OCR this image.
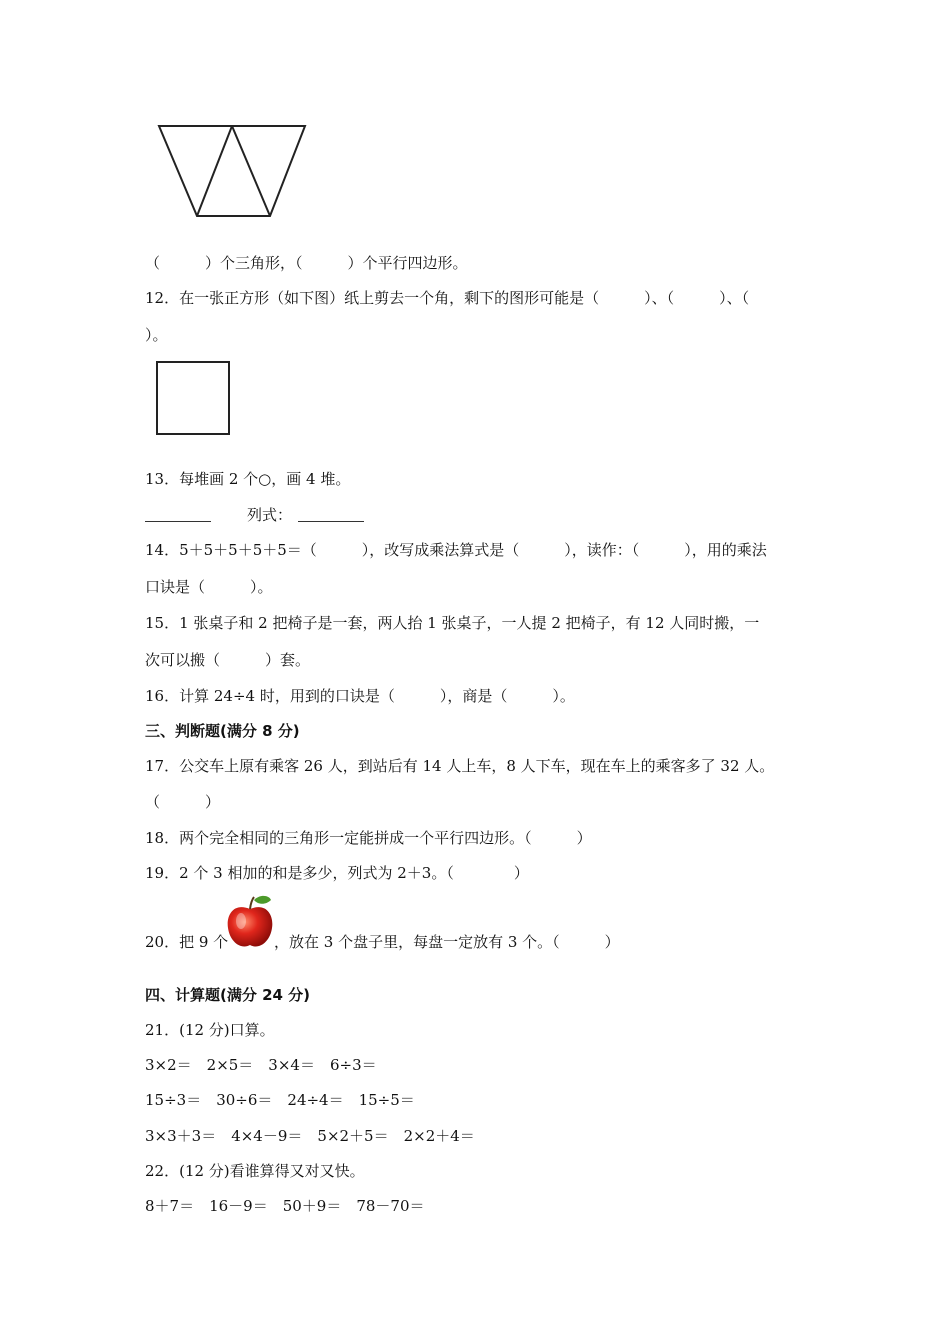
（　　　）个三角形，（　　　）个平行四边形。
12．在一张正方形（如下图）纸上剪去一个角，剩下的图形可能是（　　　）、（　　　）、（
）。
13．每堆画 2 个○，画 4 堆。
列式：
14．5＋5＋5＋5＋5＝（　　　），改写成乘法算式是（　　　），读作：（　　　），用的乘法
口诀是（　　　）。
15．1 张桌子和 2 把椅子是一套，两人抬 1 张桌子，一人提 2 把椅子，有 12 人同时搬，一
次可以搬（　　　）套。
16．计算 24÷4 时，用到的口诀是（　　　），商是（　　　）。
三、判断题(满分 8 分)
17．公交车上原有乘客 26 人，到站后有 14 人上车，8 人下车，现在车上的乘客多了 32 人。
（　　　）
18．两个完全相同的三角形一定能拼成一个平行四边形。（　　　）
19．2 个 3 相加的和是多少，列式为 2＋3。（　　　　）
20．把 9 个	，放在 3 个盘子里，每盘一定放有 3 个。（　　　）
四、计算题(满分 24 分)
21．(12 分)口算。
3×2＝　2×5＝　3×4＝　6÷3＝
15÷3＝　30÷6＝　24÷4＝　15÷5＝
3×3＋3＝　4×4－9＝　5×2＋5＝　2×2＋4＝
22．(12 分)看谁算得又对又快。
8＋7＝　16－9＝　50＋9＝　78－70＝
